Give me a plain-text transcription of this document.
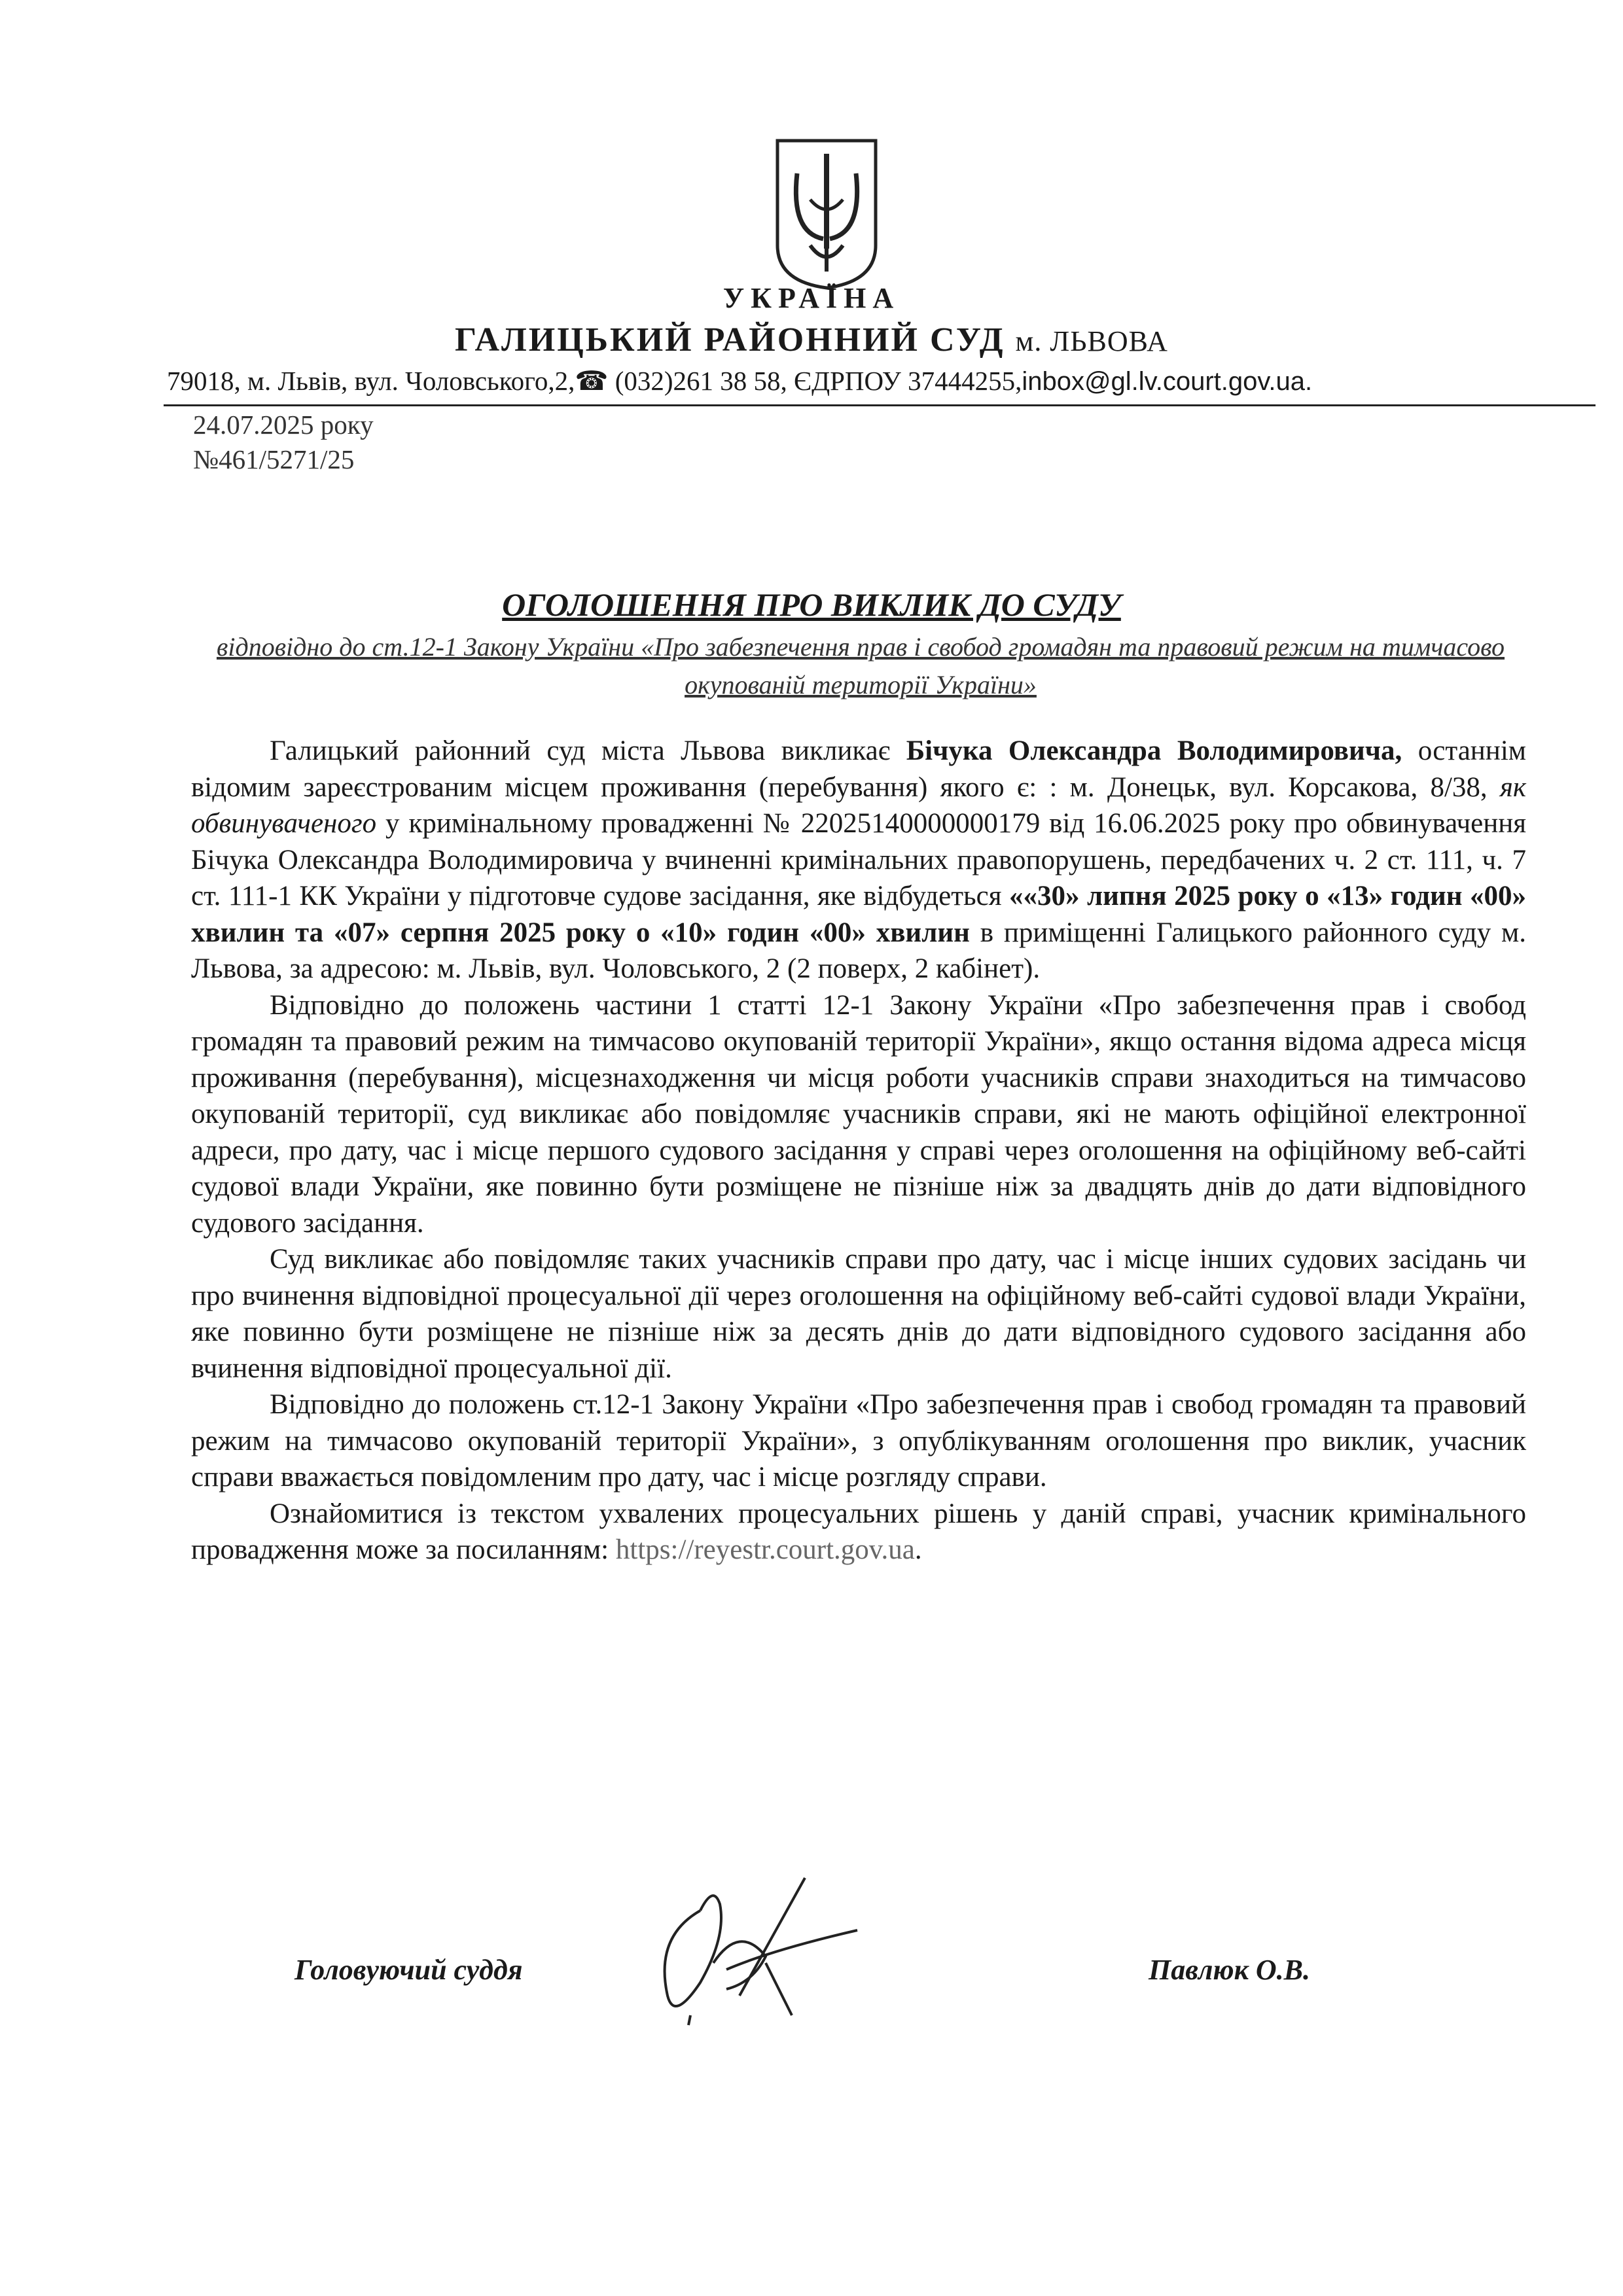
УКРАЇНА
ГАЛИЦЬКИЙ РАЙОННИЙ СУД м. ЛЬВОВА
79018, м. Львів, вул. Чоловського,2,☎ (032)261 38 58, ЄДРПОУ 37444255,inbox@gl.lv.court.gov.ua.
24.07.2025 року
№461/5271/25
ОГОЛОШЕННЯ ПРО ВИКЛИК ДО СУДУ
відповідно до ст.12-1 Закону України «Про забезпечення прав і свобод громадян та правовий режим на тимчасово окупованій території України»

Галицький районний суд міста Львова викликає Бічука Олександра Володимировича, останнім відомим зареєстрованим місцем проживання (перебування) якого є: : м. Донецьк, вул. Корсакова, 8/38, як обвинуваченого у кримінальному провадженні № 22025140000000179 від 16.06.2025 року про обвинувачення Бічука Олександра Володимировича у вчиненні кримінальних правопорушень, передбачених ч. 2 ст. 111, ч. 7 ст. 111-1 КК України у підготовче судове засідання, яке відбудеться ««30» липня 2025 року о «13» годин «00» хвилин та «07» серпня 2025 року о «10» годин «00» хвилин в приміщенні Галицького районного суду м. Львова, за адресою: м. Львів, вул. Чоловського, 2 (2 поверх, 2 кабінет).

Відповідно до положень частини 1 статті 12-1 Закону України «Про забезпечення прав і свобод громадян та правовий режим на тимчасово окупованій території України», якщо остання відома адреса місця проживання (перебування), місцезнаходження чи місця роботи учасників справи знаходиться на тимчасово окупованій території, суд викликає або повідомляє учасників справи, які не мають офіційної електронної адреси, про дату, час і місце першого судового засідання у справі через оголошення на офіційному веб-сайті судової влади України, яке повинно бути розміщене не пізніше ніж за двадцять днів до дати відповідного судового засідання.

Суд викликає або повідомляє таких учасників справи про дату, час і місце інших судових засідань чи про вчинення відповідної процесуальної дії через оголошення на офіційному веб-сайті судової влади України, яке повинно бути розміщене не пізніше ніж за десять днів до дати відповідного судового засідання або вчинення відповідної процесуальної дії.

Відповідно до положень ст.12-1 Закону України «Про забезпечення прав і свобод громадян та правовий режим на тимчасово окупованій території України», з опублікуванням оголошення про виклик, учасник справи вважається повідомленим про дату, час і місце розгляду справи.

Ознайомитися із текстом ухвалених процесуальних рішень у даній справі, учасник кримінального провадження може за посиланням: https://reyestr.court.gov.ua.

Головуючий суддя	Павлюк О.В.
